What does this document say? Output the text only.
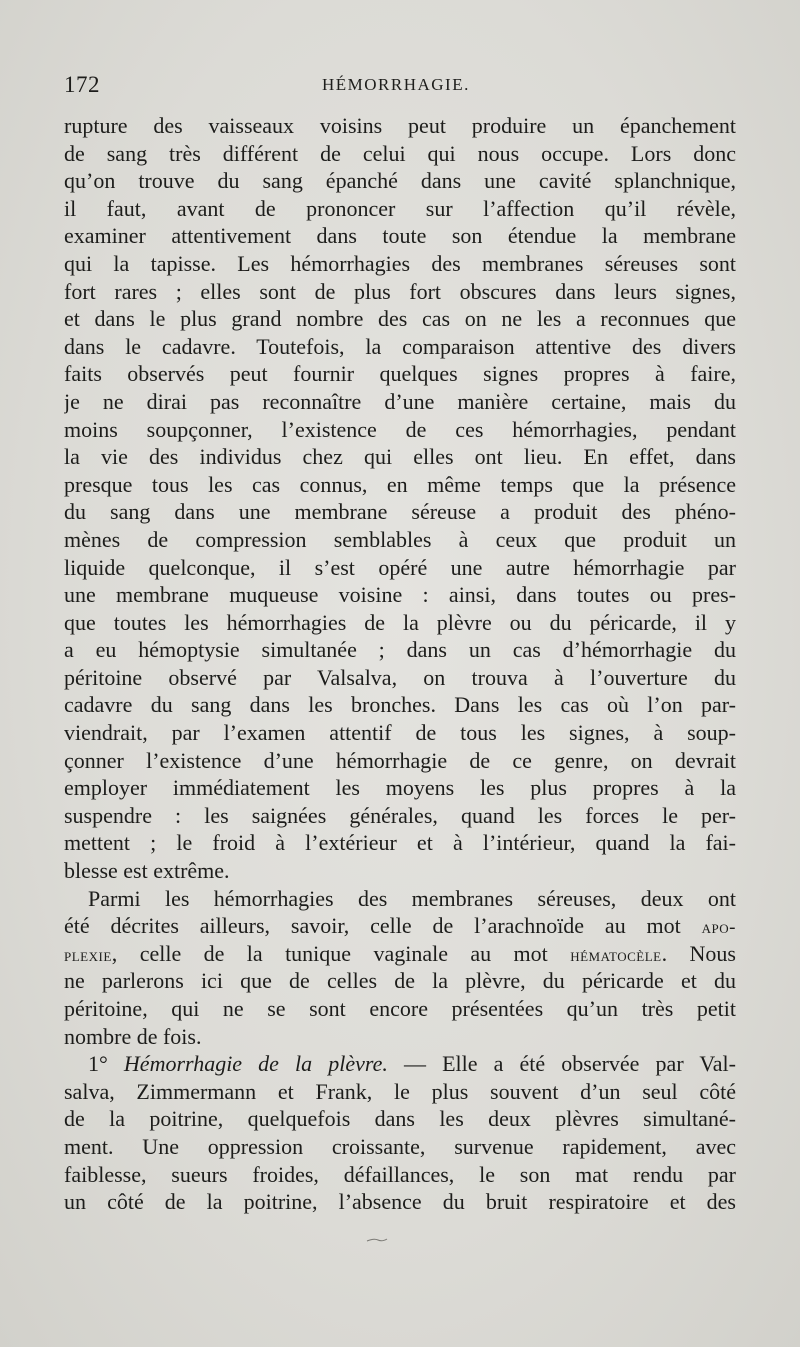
172	HÉMORRHAGIE.
rupture des vaisseaux voisins peut produire un épanchement
de sang très différent de celui qui nous occupe. Lors donc
qu’on trouve du sang épanché dans une cavité splanchnique,
il faut, avant de prononcer sur l’affection qu’il révèle,
examiner attentivement dans toute son étendue la membrane
qui la tapisse. Les hémorrhagies des membranes séreuses sont
fort rares ; elles sont de plus fort obscures dans leurs signes,
et dans le plus grand nombre des cas on ne les a reconnues que
dans le cadavre. Toutefois, la comparaison attentive des divers
faits observés peut fournir quelques signes propres à faire,
je ne dirai pas reconnaître d’une manière certaine, mais du
moins soupçonner, l’existence de ces hémorrhagies, pendant
la vie des individus chez qui elles ont lieu. En effet, dans
presque tous les cas connus, en même temps que la présence
du sang dans une membrane séreuse a produit des phéno-
mènes de compression semblables à ceux que produit un
liquide quelconque, il s’est opéré une autre hémorrhagie par
une membrane muqueuse voisine : ainsi, dans toutes ou pres-
que toutes les hémorrhagies de la plèvre ou du péricarde, il y
a eu hémoptysie simultanée ; dans un cas d’hémorrhagie du
péritoine observé par Valsalva, on trouva à l’ouverture du
cadavre du sang dans les bronches. Dans les cas où l’on par-
viendrait, par l’examen attentif de tous les signes, à soup-
çonner l’existence d’une hémorrhagie de ce genre, on devrait
employer immédiatement les moyens les plus propres à la
suspendre : les saignées générales, quand les forces le per-
mettent ; le froid à l’extérieur et à l’intérieur, quand la fai-
blesse est extrême.
Parmi les hémorrhagies des membranes séreuses, deux ont
été décrites ailleurs, savoir, celle de l’arachnoïde au mot apo-
plexie, celle de la tunique vaginale au mot hématocèle. Nous
ne parlerons ici que de celles de la plèvre, du péricarde et du
péritoine, qui ne se sont encore présentées qu’un très petit
nombre de fois.
1° Hémorrhagie de la plèvre. — Elle a été observée par Val-
salva, Zimmermann et Frank, le plus souvent d’un seul côté
de la poitrine, quelquefois dans les deux plèvres simultané-
ment. Une oppression croissante, survenue rapidement, avec
faiblesse, sueurs froides, défaillances, le son mat rendu par
un côté de la poitrine, l’absence du bruit respiratoire et des
